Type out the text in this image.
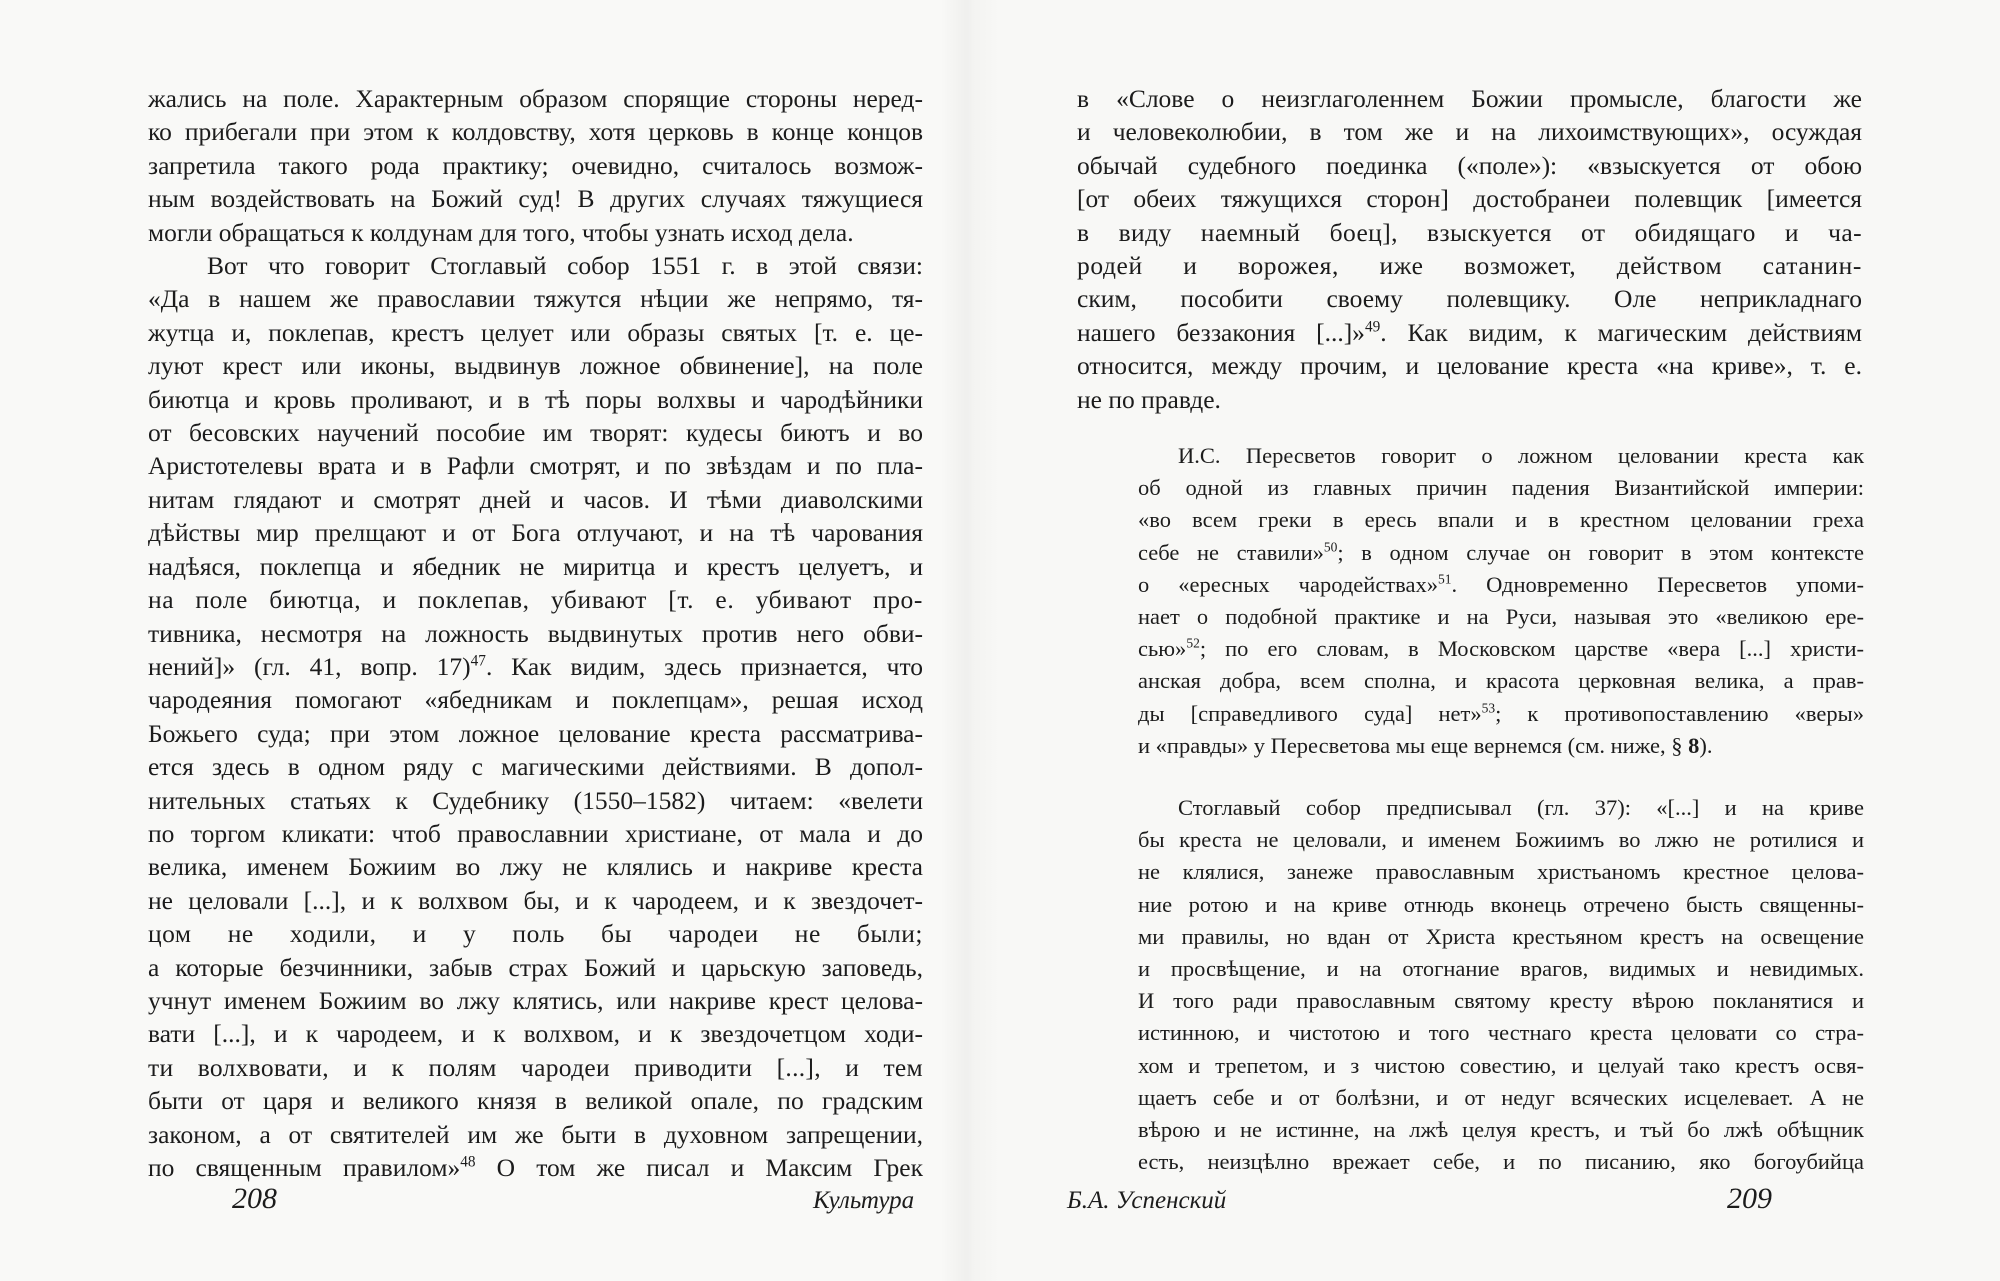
жались на поле. Характерным образом спорящие стороны неред-
ко прибегали при этом к колдовству, хотя церковь в конце концов
запретила такого рода практику; очевидно, считалось возмож-
ным воздействовать на Божий суд! В других случаях тяжущиеся
могли обращаться к колдунам для того, чтобы узнать исход дела.
Вот что говорит Стоглавый собор 1551 г. в этой связи:
«Да в нашем же православии тяжутся нѣции же непрямо, тя-
жутца и, поклепав, крестъ целует или образы святых [т. е. це-
луют крест или иконы, выдвинув ложное обвинение], на поле
биютца и кровь проливают, и в тѣ поры волхвы и чародѣйники
от бесовских научений пособие им творят: кудесы биютъ и во
Аристотелевы врата и в Рафли смотрят, и по звѣздам и по пла-
нитам глядают и смотрят дней и часов. И тѣми диаволскими
дѣйствы мир прелщают и от Бога отлучают, и на тѣ чарования
надѣяся, поклепца и ябедник не миритца и крестъ целуетъ, и
на поле биютца, и поклепав, убивают [т. е. убивают про-
тивника, несмотря на ложность выдвинутых против него обви-
нений]» (гл. 41, вопр. 17)$^{47}$. Как видим, здесь признается, что
чародеяния помогают «ябедникам и поклепцам», решая исход
Божьего суда; при этом ложное целование креста рассматрива-
ется здесь в одном ряду с магическими действиями. В допол-
нительных статьях к Судебнику (1550–1582) читаем: «велети
по торгом кликати: чтоб православнии христиане, от мала и до
велика, именем Божиим во лжу не клялись и накриве креста
не целовали [...], и к волхвом бы, и к чародеем, и к звездочет-
цом не ходили, и у поль бы чародеи не были;
а которые безчинники, забыв страх Божий и царьскую заповедь,
учнут именем Божиим во лжу клятись, или накриве крест целова-
вати [...], и к чародеем, и к волхвом, и к звездочетцом ходи-
ти волхвовати, и к полям чародеи приводити [...], и тем
быти от царя и великого князя в великой опале, по градским
законом, а от святителей им же быти в духовном запрещении,
по священным правилом»$^{48}$ О том же писал и Максим Грек
208	Культура	Б.А. Успенский	209
в «Слове о неизглаголеннем Божии промысле, благости же
и человеколюбии, в том же и на лихоимствующих», осуждая
обычай судебного поединка («поле»): «взыскуется от обою
[от обеих тяжущихся сторон] достобранеи полевщик [имеется
в виду наемный боец], взыскуется от обидящаго и ча-
родей и ворожея, иже возможет, действом сатанин-
ским, пособити своему полевщику. Оле неприкладнаго
нашего беззакония [...]»$^{49}$. Как видим, к магическим действиям
относится, между прочим, и целование креста «на криве», т. е.
не по правде.
И.С. Пересветов говорит о ложном целовании креста как
об одной из главных причин падения Византийской империи:
«во всем греки в ересь впали и в крестном целовании греха
себе не ставили»$^{50}$; в одном случае он говорит в этом контексте
о «ересных чародействах»$^{51}$. Одновременно Пересветов упоми-
нает о подобной практике и на Руси, называя это «великою ере-
сью»$^{52}$; по его словам, в Московском царстве «вера [...] христи-
анская добра, всем сполна, и красота церковная велика, а прав-
ды [справедливого суда] нет»$^{53}$; к противопоставлению «веры»
и «правды» у Пересветова мы еще вернемся (см. ниже, § 8).
Стоглавый собор предписывал (гл. 37): «[...] и на криве
бы креста не целовали, и именем Божиимъ во лжю не ротилися и
не клялися, занеже православным христьаномъ крестное целова-
ние ротою и на криве отнюдь вконець отречено бысть священны-
ми правилы, но вдан от Христа крестьяном крестъ на освещение
и просвѣщение, и на отогнание врагов, видимых и невидимых.
И того ради православным святому кресту вѣрою покланятися и
истинною, и чистотою и того честнаго креста целовати со стра-
хом и трепетом, и з чистою совестию, и целуай тако крестъ освя-
щаетъ себе и от болѣзни, и от недуг всяческих исцелевает. А не
вѣрою и не истинне, на лжѣ целуя крестъ, и тъй бо лжѣ обѣщник
есть, неизцѣлно врежает себе, и по писанию, яко богоубийца
